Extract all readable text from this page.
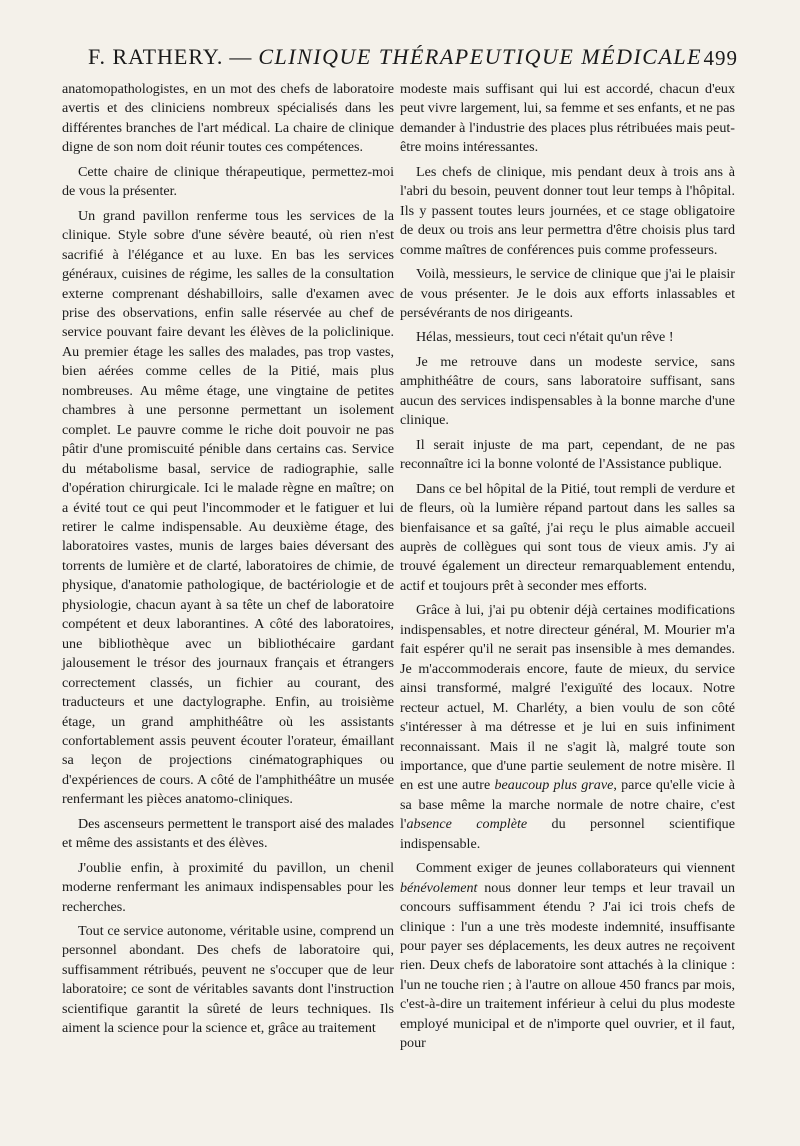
F. RATHERY. — CLINIQUE THÉRAPEUTIQUE MÉDICALE 499

anatomopathologistes, en un mot des chefs de laboratoire avertis et des cliniciens nombreux spécialisés dans les différentes branches de l'art médical. La chaire de clinique digne de son nom doit réunir toutes ces compétences.

Cette chaire de clinique thérapeutique, permettez-moi de vous la présenter.

Un grand pavillon renferme tous les services de la clinique. Style sobre d'une sévère beauté, où rien n'est sacrifié à l'élégance et au luxe. En bas les services généraux, cuisines de régime, les salles de la consultation externe comprenant déshabilloirs, salle d'examen avec prise des observations, enfin salle réservée au chef de service pouvant faire devant les élèves de la policlinique. Au premier étage les salles des malades, pas trop vastes, bien aérées comme celles de la Pitié, mais plus nombreuses. Au même étage, une vingtaine de petites chambres à une personne permettant un isolement complet. Le pauvre comme le riche doit pouvoir ne pas pâtir d'une promiscuité pénible dans certains cas. Service du métabolisme basal, service de radiographie, salle d'opération chirurgicale. Ici le malade règne en maître; on a évité tout ce qui peut l'incommoder et le fatiguer et lui retirer le calme indispensable. Au deuxième étage, des laboratoires vastes, munis de larges baies déversant des torrents de lumière et de clarté, laboratoires de chimie, de physique, d'anatomie pathologique, de bactériologie et de physiologie, chacun ayant à sa tête un chef de laboratoire compétent et deux laborantines. A côté des laboratoires, une bibliothèque avec un bibliothécaire gardant jalousement le trésor des journaux français et étrangers correctement classés, un fichier au courant, des traducteurs et une dactylographe. Enfin, au troisième étage, un grand amphithéâtre où les assistants confortablement assis peuvent écouter l'orateur, émaillant sa leçon de projections cinématographiques ou d'expériences de cours. A côté de l'amphithéâtre un musée renfermant les pièces anatomo-cliniques.

Des ascenseurs permettent le transport aisé des malades et même des assistants et des élèves.

J'oublie enfin, à proximité du pavillon, un chenil moderne renfermant les animaux indispensables pour les recherches.

Tout ce service autonome, véritable usine, comprend un personnel abondant. Des chefs de laboratoire qui, suffisamment rétribués, peuvent ne s'occuper que de leur laboratoire; ce sont de véritables savants dont l'instruction scientifique garantit la sûreté de leurs techniques. Ils aiment la science pour la science et, grâce au traitement

modeste mais suffisant qui lui est accordé, chacun d'eux peut vivre largement, lui, sa femme et ses enfants, et ne pas demander à l'industrie des places plus rétribuées mais peut-être moins intéressantes.

Les chefs de clinique, mis pendant deux à trois ans à l'abri du besoin, peuvent donner tout leur temps à l'hôpital. Ils y passent toutes leurs journées, et ce stage obligatoire de deux ou trois ans leur permettra d'être choisis plus tard comme maîtres de conférences puis comme professeurs.

Voilà, messieurs, le service de clinique que j'ai le plaisir de vous présenter. Je le dois aux efforts inlassables et persévérants de nos dirigeants.

Hélas, messieurs, tout ceci n'était qu'un rêve !

Je me retrouve dans un modeste service, sans amphithéâtre de cours, sans laboratoire suffisant, sans aucun des services indispensables à la bonne marche d'une clinique.

Il serait injuste de ma part, cependant, de ne pas reconnaître ici la bonne volonté de l'Assistance publique.

Dans ce bel hôpital de la Pitié, tout rempli de verdure et de fleurs, où la lumière répand partout dans les salles sa bienfaisance et sa gaîté, j'ai reçu le plus aimable accueil auprès de collègues qui sont tous de vieux amis. J'y ai trouvé également un directeur remarquablement entendu, actif et toujours prêt à seconder mes efforts.

Grâce à lui, j'ai pu obtenir déjà certaines modifications indispensables, et notre directeur général, M. Mourier m'a fait espérer qu'il ne serait pas insensible à mes demandes. Je m'accommoderais encore, faute de mieux, du service ainsi transformé, malgré l'exiguïté des locaux. Notre recteur actuel, M. Charléty, a bien voulu de son côté s'intéresser à ma détresse et je lui en suis infiniment reconnaissant. Mais il ne s'agit là, malgré toute son importance, que d'une partie seulement de notre misère. Il en est une autre beaucoup plus grave, parce qu'elle vicie à sa base même la marche normale de notre chaire, c'est l'absence complète du personnel scientifique indispensable.

Comment exiger de jeunes collaborateurs qui viennent bénévolement nous donner leur temps et leur travail un concours suffisamment étendu ? J'ai ici trois chefs de clinique : l'un a une très modeste indemnité, insuffisante pour payer ses déplacements, les deux autres ne reçoivent rien. Deux chefs de laboratoire sont attachés à la clinique : l'un ne touche rien ; à l'autre on alloue 450 francs par mois, c'est-à-dire un traitement inférieur à celui du plus modeste employé municipal et de n'importe quel ouvrier, et il faut, pour
